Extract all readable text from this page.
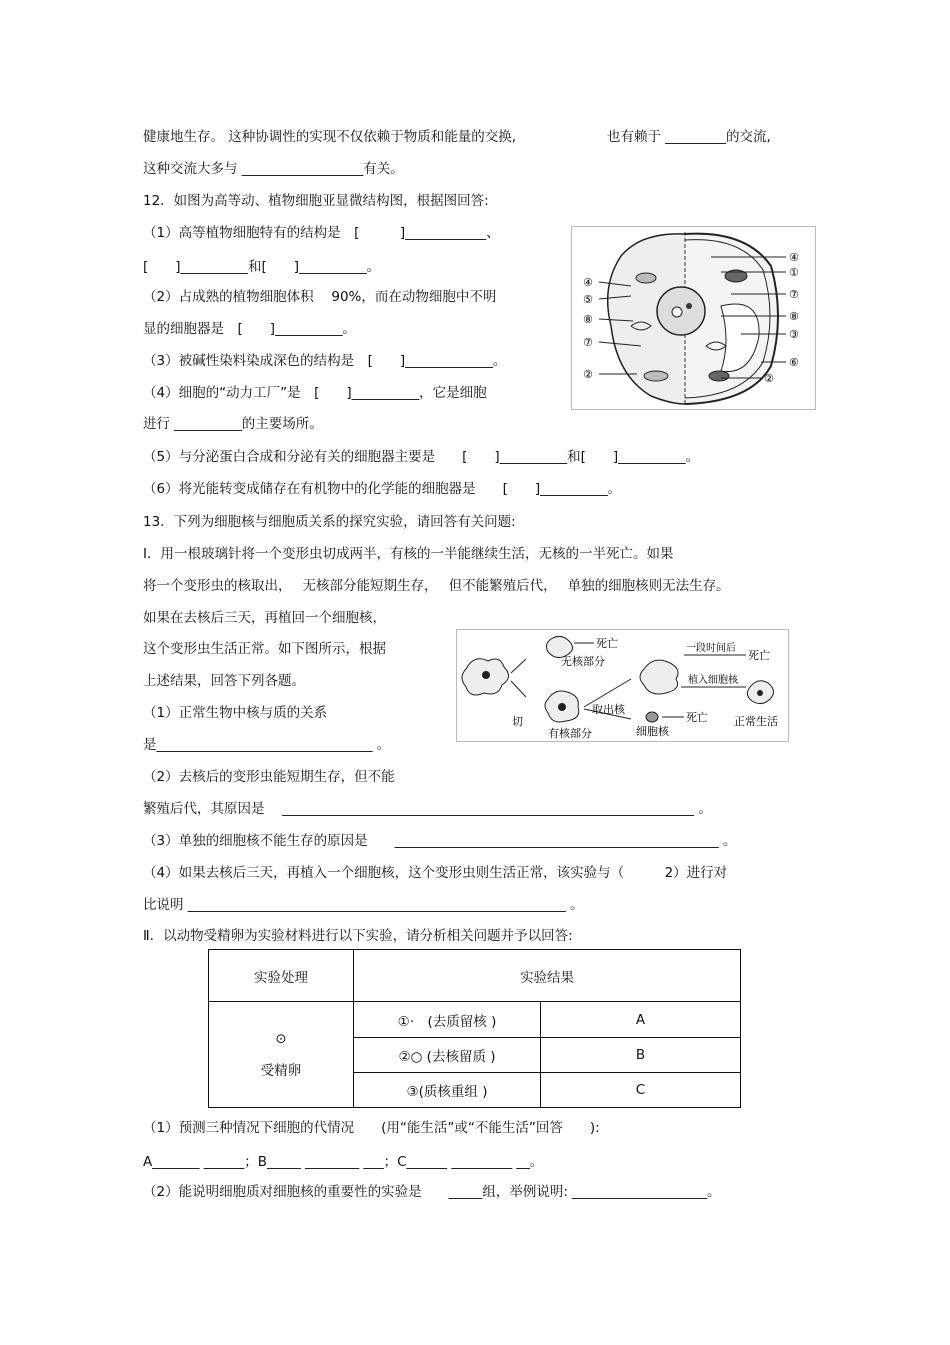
健康地生存。 这种协调性的实现不仅依赖于物质和能量的交换,	也有赖于 _________的交流,
这种交流大多与 __________________有关。
12．如图为高等动、植物细胞亚显微结构图，根据图回答:
（1）高等植物细胞特有的结构是　[　　　]____________、
[　　]__________和[　　]__________。
（2）占成熟的植物细胞体积　 90%，而在动物细胞中不明
显的细胞器是　[　　]__________。
（3）被碱性染料染成深色的结构是　[　　]_____________。
（4）细胞的“动力工厂”是　[　　]__________，它是细胞
进行 __________的主要场所。
（5）与分泌蛋白合成和分泌有关的细胞器主要是　　[　　]__________和[　　]__________。
（6）将光能转变成储存在有机物中的化学能的细胞器是　　[　　]__________。
13．下列为细胞核与细胞质关系的探究实验，请回答有关问题:
Ⅰ．用一根玻璃针将一个变形虫切成两半，有核的一半能继续生活，无核的一半死亡。如果
将一个变形虫的核取出，　 无核部分能短期生存，　 但不能繁殖后代，　 单独的细胞核则无法生存。
如果在去核后三天，再植回一个细胞核，
这个变形虫生活正常。如下图所示，根据
上述结果，回答下列各题。
（1）正常生物中核与质的关系
是________________________________ 。
（2）去核后的变形虫能短期生存，但不能
繁殖后代，其原因是　 _____________________________________________________________ 。
（3）单独的细胞核不能生存的原因是　　________________________________________________ 。
（4）如果去核后三天，再植入一个细胞核，这个变形虫则生活正常，该实验与（　　　2）进行对
比说明 ________________________________________________________ 。
Ⅱ．以动物受精卵为实验材料进行以下实验，请分析相关问题并予以回答:
④
⑤
⑧
⑦
②
④
①
⑦
⑧
③
⑥
②
切
死亡
无核部分
有核部分
取出核
一段时间后
死亡
植入细胞核
正常生活
死亡
细胞核
实验处理	实验结果	

⊙
受精卵	①·　(去质留核 )	A
	②○ (去核留质 )	B
	③(质核重组 )	C
（1）预测三种情况下细胞的代情况　　(用“能生活”或“不能生活”回答　　):
A_______ ______；B_____ ________ ___；C______ _________ __。
（2）能说明细胞质对细胞核的重要性的实验是　　_____组，举例说明: ____________________。
